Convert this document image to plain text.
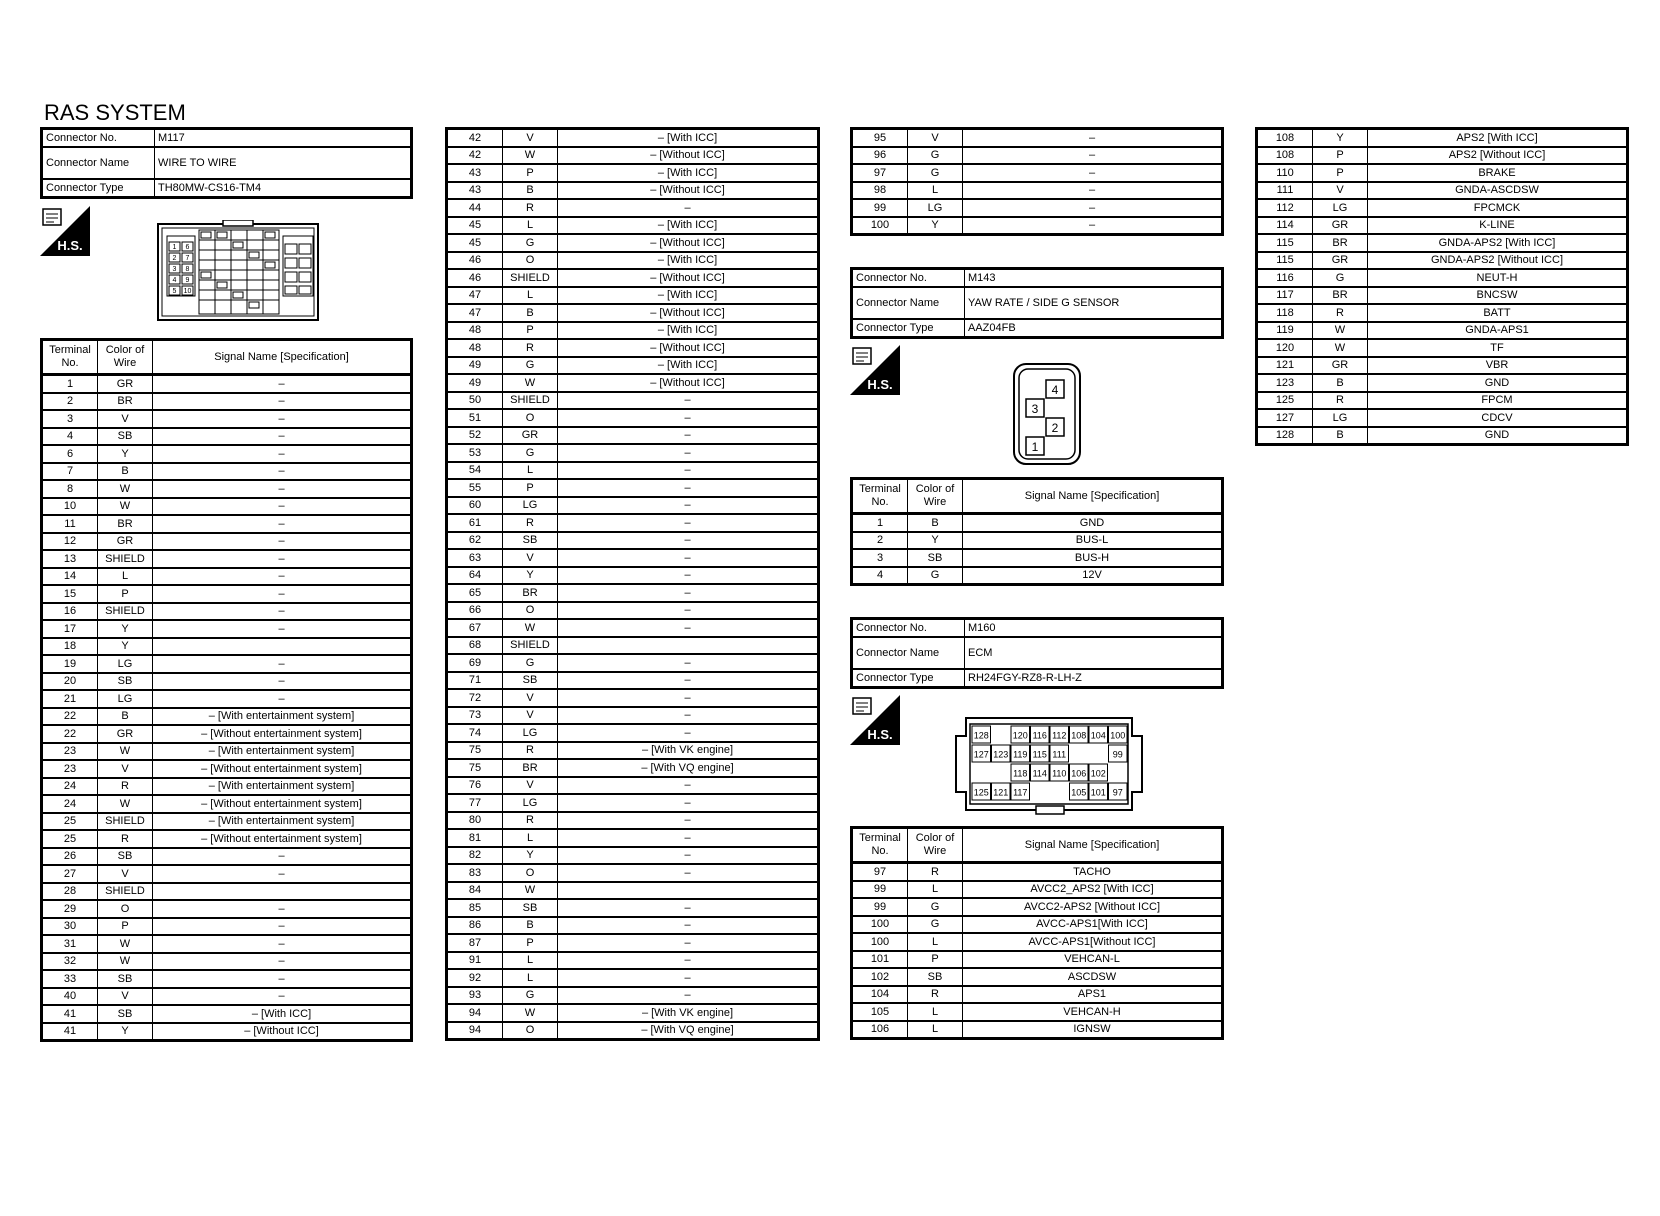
RAS SYSTEM
Connector No.	M117
Connector Name	WIRE TO WIRE
Connector Type	TH80MW-CS16-TM4
H.S.	1 6
2 7
3 8
4 9
5 10
Terminal No.	Color of Wire	Signal Name [Specification]
1	GR	–
2	BR	–
3	V	–
4	SB	–
6	Y	–
7	B	–
8	W	–
10	W	–
11	BR	–
12	GR	–
13	SHIELD	–
14	L	–
15	P	–
16	SHIELD	–
17	Y	–
18	Y	
19	LG	–
20	SB	–
21	LG	–
22	B	– [With entertainment system]
22	GR	– [Without entertainment system]
23	W	– [With entertainment system]
23	V	– [Without entertainment system]
24	R	– [With entertainment system]
24	W	– [Without entertainment system]
25	SHIELD	– [With entertainment system]
25	R	– [Without entertainment system]
26	SB	–
27	V	–
28	SHIELD	
29	O	–
30	P	–
31	W	–
32	W	–
33	SB	–
40	V	–
41	SB	– [With ICC]
41	Y	– [Without ICC]
42	V	– [With ICC]
42	W	– [Without ICC]
43	P	– [With ICC]
43	B	– [Without ICC]
44	R	–
45	L	– [With ICC]
45	G	– [Without ICC]
46	O	– [With ICC]
46	SHIELD	– [Without ICC]
47	L	– [With ICC]
47	B	– [Without ICC]
48	P	– [With ICC]
48	R	– [Without ICC]
49	G	– [With ICC]
49	W	– [Without ICC]
50	SHIELD	–
51	O	–
52	GR	–
53	G	–
54	L	–
55	P	–
60	LG	–
61	R	–
62	SB	–
63	V	–
64	Y	–
65	BR	–
66	O	–
67	W	–
68	SHIELD	
69	G	–
71	SB	–
72	V	–
73	V	–
74	LG	–
75	R	– [With VK engine]
75	BR	– [With VQ engine]
76	V	–
77	LG	–
80	R	–
81	L	–
82	Y	–
83	O	–
84	W	
85	SB	–
86	B	–
87	P	–
91	L	–
92	L	–
93	G	–
94	W	– [With VK engine]
94	O	– [With VQ engine]
95	V	–
96	G	–
97	G	–
98	L	–
99	LG	–
100	Y	–
Connector No.	M143
Connector Name	YAW RATE / SIDE G SENSOR
Connector Type	AAZ04FB
H.S.	4
3
2
1
Terminal No.	Color of Wire	Signal Name [Specification]
1	B	GND
2	Y	BUS-L
3	SB	BUS-H
4	G	12V
Connector No.	M160
Connector Name	ECM
Connector Type	RH24FGY-RZ8-R-LH-Z
H.S.	128	120 116 112 108 104 100
127 123 119 115 111	99
118 114 110 106 102
125 121 117	105 101 97
Terminal No.	Color of Wire	Signal Name [Specification]
97	R	TACHO
99	L	AVCC2_APS2 [With ICC]
99	G	AVCC2-APS2 [Without ICC]
100	G	AVCC-APS1[With ICC]
100	L	AVCC-APS1[Without ICC]
101	P	VEHCAN-L
102	SB	ASCDSW
104	R	APS1
105	L	VEHCAN-H
106	L	IGNSW
108	Y	APS2 [With ICC]
108	P	APS2 [Without ICC]
110	P	BRAKE
111	V	GNDA-ASCDSW
112	LG	FPCMCK
114	GR	K-LINE
115	BR	GNDA-APS2 [With ICC]
115	GR	GNDA-APS2 [Without ICC]
116	G	NEUT-H
117	BR	BNCSW
118	R	BATT
119	W	GNDA-APS1
120	W	TF
121	GR	VBR
123	B	GND
125	R	FPCM
127	LG	CDCV
128	B	GND
